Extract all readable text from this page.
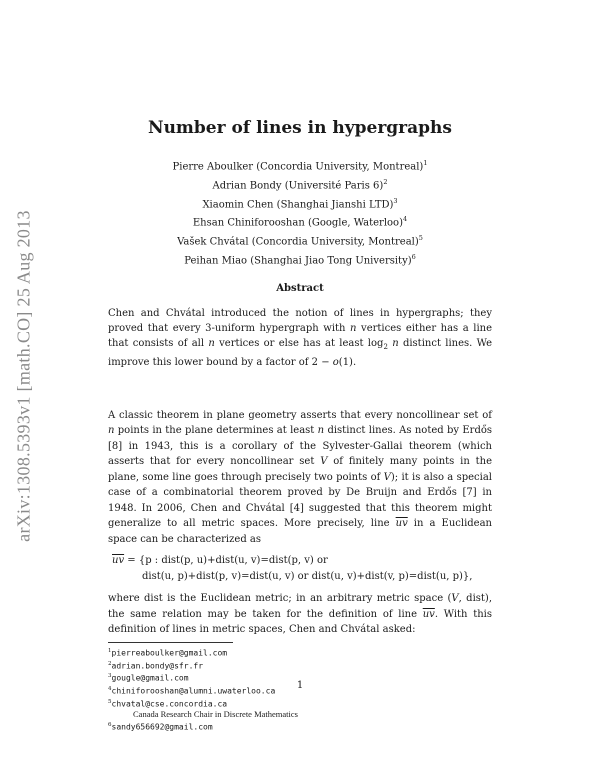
arXiv:1308.5393v1 [math.CO] 25 Aug 2013
Number of lines in hypergraphs
Pierre Aboulker (Concordia University, Montreal)$^1$
Adrian Bondy (Université Paris 6)$^2$
Xiaomin Chen (Shanghai Jianshi LTD)$^3$
Ehsan Chiniforooshan (Google, Waterloo)$^4$
Vašek Chvátal (Concordia University, Montreal)$^5$
Peihan Miao (Shanghai Jiao Tong University)$^6$
Abstract

Chen and Chvátal introduced the notion of lines in hypergraphs; they proved that every 3-uniform hypergraph with n vertices either has a line that consists of all n vertices or else has at least $\log_2 n$ distinct lines. We improve this lower bound by a factor of 2 − o(1).

A classic theorem in plane geometry asserts that every noncollinear set of n points in the plane determines at least n distinct lines. As noted by Erdős [8] in 1943, this is a corollary of the Sylvester-Gallai theorem (which asserts that for every noncollinear set V of finitely many points in the plane, some line goes through precisely two points of V); it is also a special case of a combinatorial theorem proved by De Bruijn and Erdős [7] in 1948. In 2006, Chen and Chvátal [4] suggested that this theorem might generalize to all metric spaces. More precisely, line $\overline{uv}$ in a Euclidean space can be characterized as

$\overline{uv} = \{p$ : dist(p, u)+dist(u, v)=dist(p, v) or
dist(u, p)+dist(p, v)=dist(u, v) or dist(u, v)+dist(v, p)=dist(u, p)},

where dist is the Euclidean metric; in an arbitrary metric space (V, dist), the same relation may be taken for the definition of line $\overline{uv}$. With this definition of lines in metric spaces, Chen and Chvátal asked:

$^1$pierreaboulker@gmail.com
$^2$adrian.bondy@sfr.fr
$^3$gougle@gmail.com
$^4$chiniforooshan@alumni.uwaterloo.ca
$^5$chvatal@cse.concordia.ca
Canada Research Chair in Discrete Mathematics
$^6$sandy656692@gmail.com
1
